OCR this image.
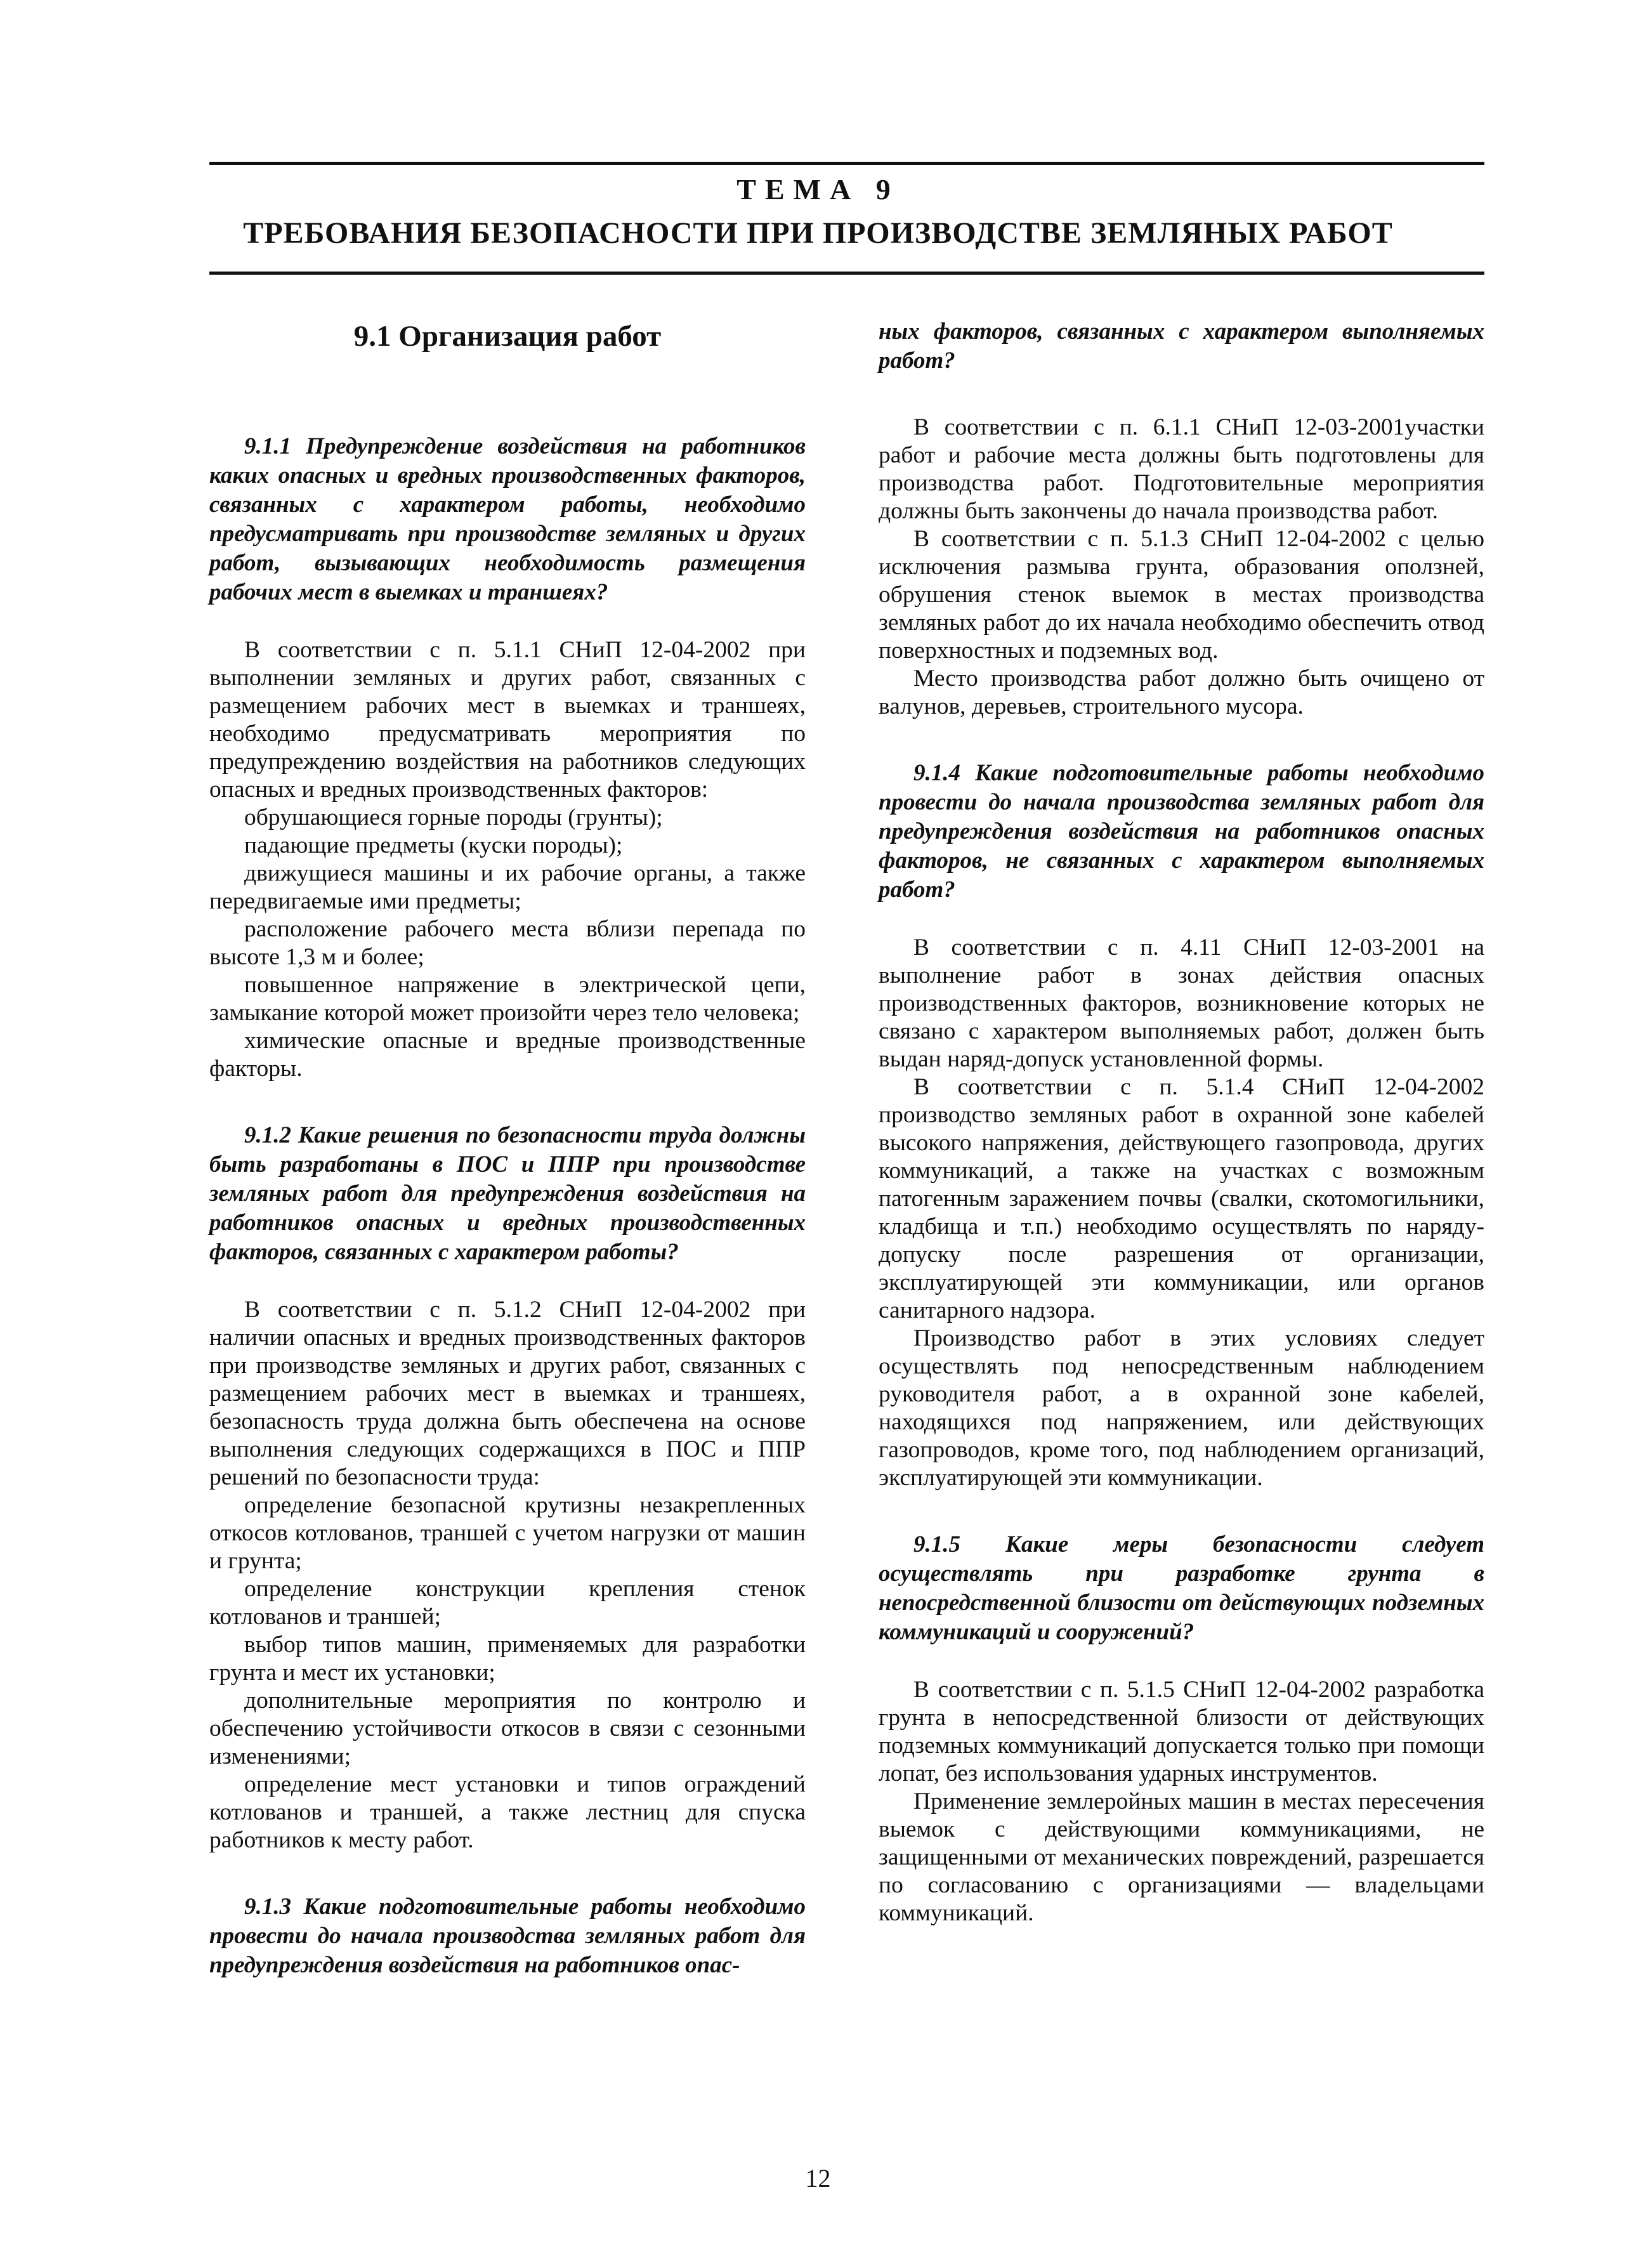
ТЕМА 9
ТРЕБОВАНИЯ БЕЗОПАСНОСТИ ПРИ ПРОИЗВОДСТВЕ ЗЕМЛЯНЫХ РАБОТ
9.1 Организация работ

9.1.1 Предупреждение воздействия на работников каких опасных и вредных производственных факторов, связанных с характером работы, необходимо предусматривать при производстве земляных и других работ, вызывающих необходимость размещения рабочих мест в выемках и траншеях?

В соответствии с п. 5.1.1 СНиП 12-04-2002 при выполнении земляных и других работ, связанных с размещением рабочих мест в выемках и траншеях, необходимо предусматривать мероприятия по предупреждению воздействия на работников следующих опасных и вредных производственных факторов:

обрушающиеся горные породы (грунты);

падающие предметы (куски породы);

движущиеся машины и их рабочие органы, а также передвигаемые ими предметы;

расположение рабочего места вблизи перепада по высоте 1,3 м и более;

повышенное напряжение в электрической цепи, замыкание которой может произойти через тело человека;

химические опасные и вредные производственные факторы.

9.1.2 Какие решения по безопасности труда должны быть разработаны в ПОС и ППР при производстве земляных работ для предупреждения воздействия на работников опасных и вредных производственных факторов, связанных с характером работы?

В соответствии с п. 5.1.2 СНиП 12-04-2002 при наличии опасных и вредных производственных факторов при производстве земляных и других работ, связанных с размещением рабочих мест в выемках и траншеях, безопасность труда должна быть обеспечена на основе выполнения следующих содержащихся в ПОС и ППР решений по безопасности труда:

определение безопасной крутизны незакрепленных откосов котлованов, траншей с учетом нагрузки от машин и грунта;

определение конструкции крепления стенок котлованов и траншей;

выбор типов машин, применяемых для разработки грунта и мест их установки;

дополнительные мероприятия по контролю и обеспечению устойчивости откосов в связи с сезонными изменениями;

определение мест установки и типов ограждений котлованов и траншей, а также лестниц для спуска работников к месту работ.

9.1.3 Какие подготовительные работы необходимо провести до начала производства земляных работ для предупреждения воздействия на работников опас-

ных факторов, связанных с характером выполняемых работ?

В соответствии с п. 6.1.1 СНиП 12-03-2001участки работ и рабочие места должны быть подготовлены для производства работ. Подготовительные мероприятия должны быть закончены до начала производства работ.

В соответствии с п. 5.1.3 СНиП 12-04-2002 с целью исключения размыва грунта, образования оползней, обрушения стенок выемок в местах производства земляных работ до их начала необходимо обеспечить отвод поверхностных и подземных вод.

Место производства работ должно быть очищено от валунов, деревьев, строительного мусора.

9.1.4 Какие подготовительные работы необходимо провести до начала производства земляных работ для предупреждения воздействия на работников опасных факторов, не связанных с характером выполняемых работ?

В соответствии с п. 4.11 СНиП 12-03-2001 на выполнение работ в зонах действия опасных производственных факторов, возникновение которых не связано с характером выполняемых работ, должен быть выдан наряд-допуск установленной формы.

В соответствии с п. 5.1.4 СНиП 12-04-2002 производство земляных работ в охранной зоне кабелей высокого напряжения, действующего газопровода, других коммуникаций, а также на участках с возможным патогенным заражением почвы (свалки, скотомогильники, кладбища и т.п.) необходимо осуществлять по наряду-допуску после разрешения от организации, эксплуатирующей эти коммуникации, или органов санитарного надзора.

Производство работ в этих условиях следует осуществлять под непосредственным наблюдением руководителя работ, а в охранной зоне кабелей, находящихся под напряжением, или действующих газопроводов, кроме того, под наблюдением организаций, эксплуатирующей эти коммуникации.

9.1.5 Какие меры безопасности следует осуществлять при разработке грунта в непосредственной близости от действующих подземных коммуникаций и сооружений?

В соответствии с п. 5.1.5 СНиП 12-04-2002 разработка грунта в непосредственной близости от действующих подземных коммуникаций допускается только при помощи лопат, без использования ударных инструментов.

Применение землеройных машин в местах пересечения выемок с действующими коммуникациями, не защищенными от механических повреждений, разрешается по согласованию с организациями — владельцами коммуникаций.

12
